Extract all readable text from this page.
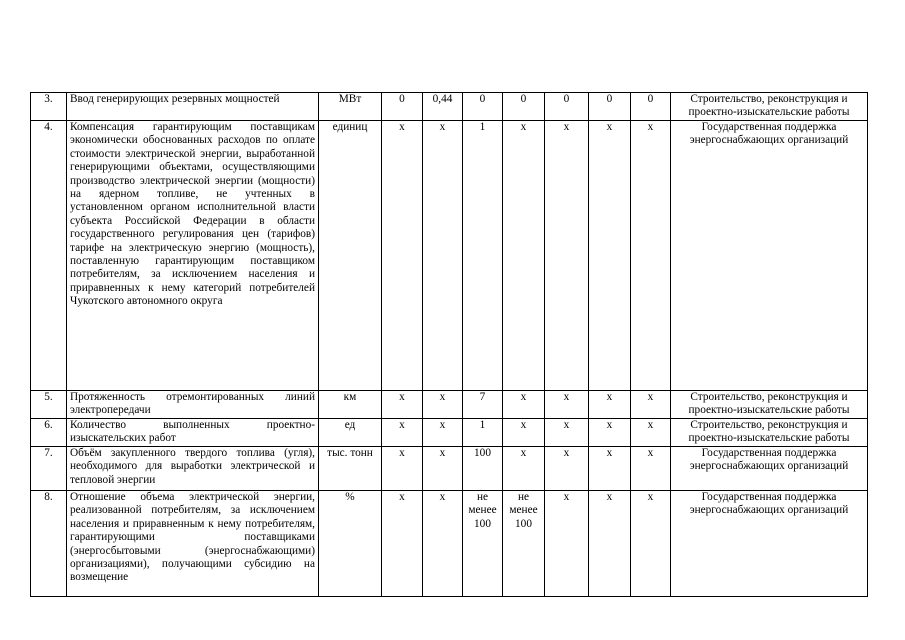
3.	Ввод генерирующих резервных мощностей	МВт	0	0,44	0	0	0	0	0	Строительство, реконструкция и проектно-изыскательские работы
4.	Компенсация гарантирующим поставщикам экономически обоснованных расходов по оплате стоимости электрической энергии, выработанной генерирующими объектами, осуществляющими производство электрической энергии (мощности) на ядерном топливе, не учтенных в установленном органом исполнительной власти субъекта Российской Федерации в области государственного регулирования цен (тарифов) тарифе на электрическую энергию (мощность), поставленную гарантирующим поставщиком потребителям, за исключением населения и приравненных к нему категорий потребителей Чукотского автономного округа	единиц	х	х	1	х	х	х	х	Государственная поддержка энергоснабжающих организаций
5.	Протяженность отремонтированных линий электропередачи	км	х	х	7	х	х	х	х	Строительство, реконструкция и проектно-изыскательские работы
6.	Количество выполненных проектно-изыскательских работ	ед	х	х	1	х	х	х	х	Строительство, реконструкция и проектно-изыскательские работы
7.	Объём закупленного твердого топлива (угля), необходимого для выработки электрической и тепловой энергии	тыс. тонн	х	х	100	х	х	х	х	Государственная поддержка энергоснабжающих организаций
8.	Отношение объема электрической энергии, реализованной потребителям, за исключением населения и приравненным к нему потребителям, гарантирующими поставщиками (энергосбытовыми (энергоснабжающими) организациями), получающими субсидию на возмещение	%	х	х	не менее 100	не менее 100	х	х	х	Государственная поддержка энергоснабжающих организаций
